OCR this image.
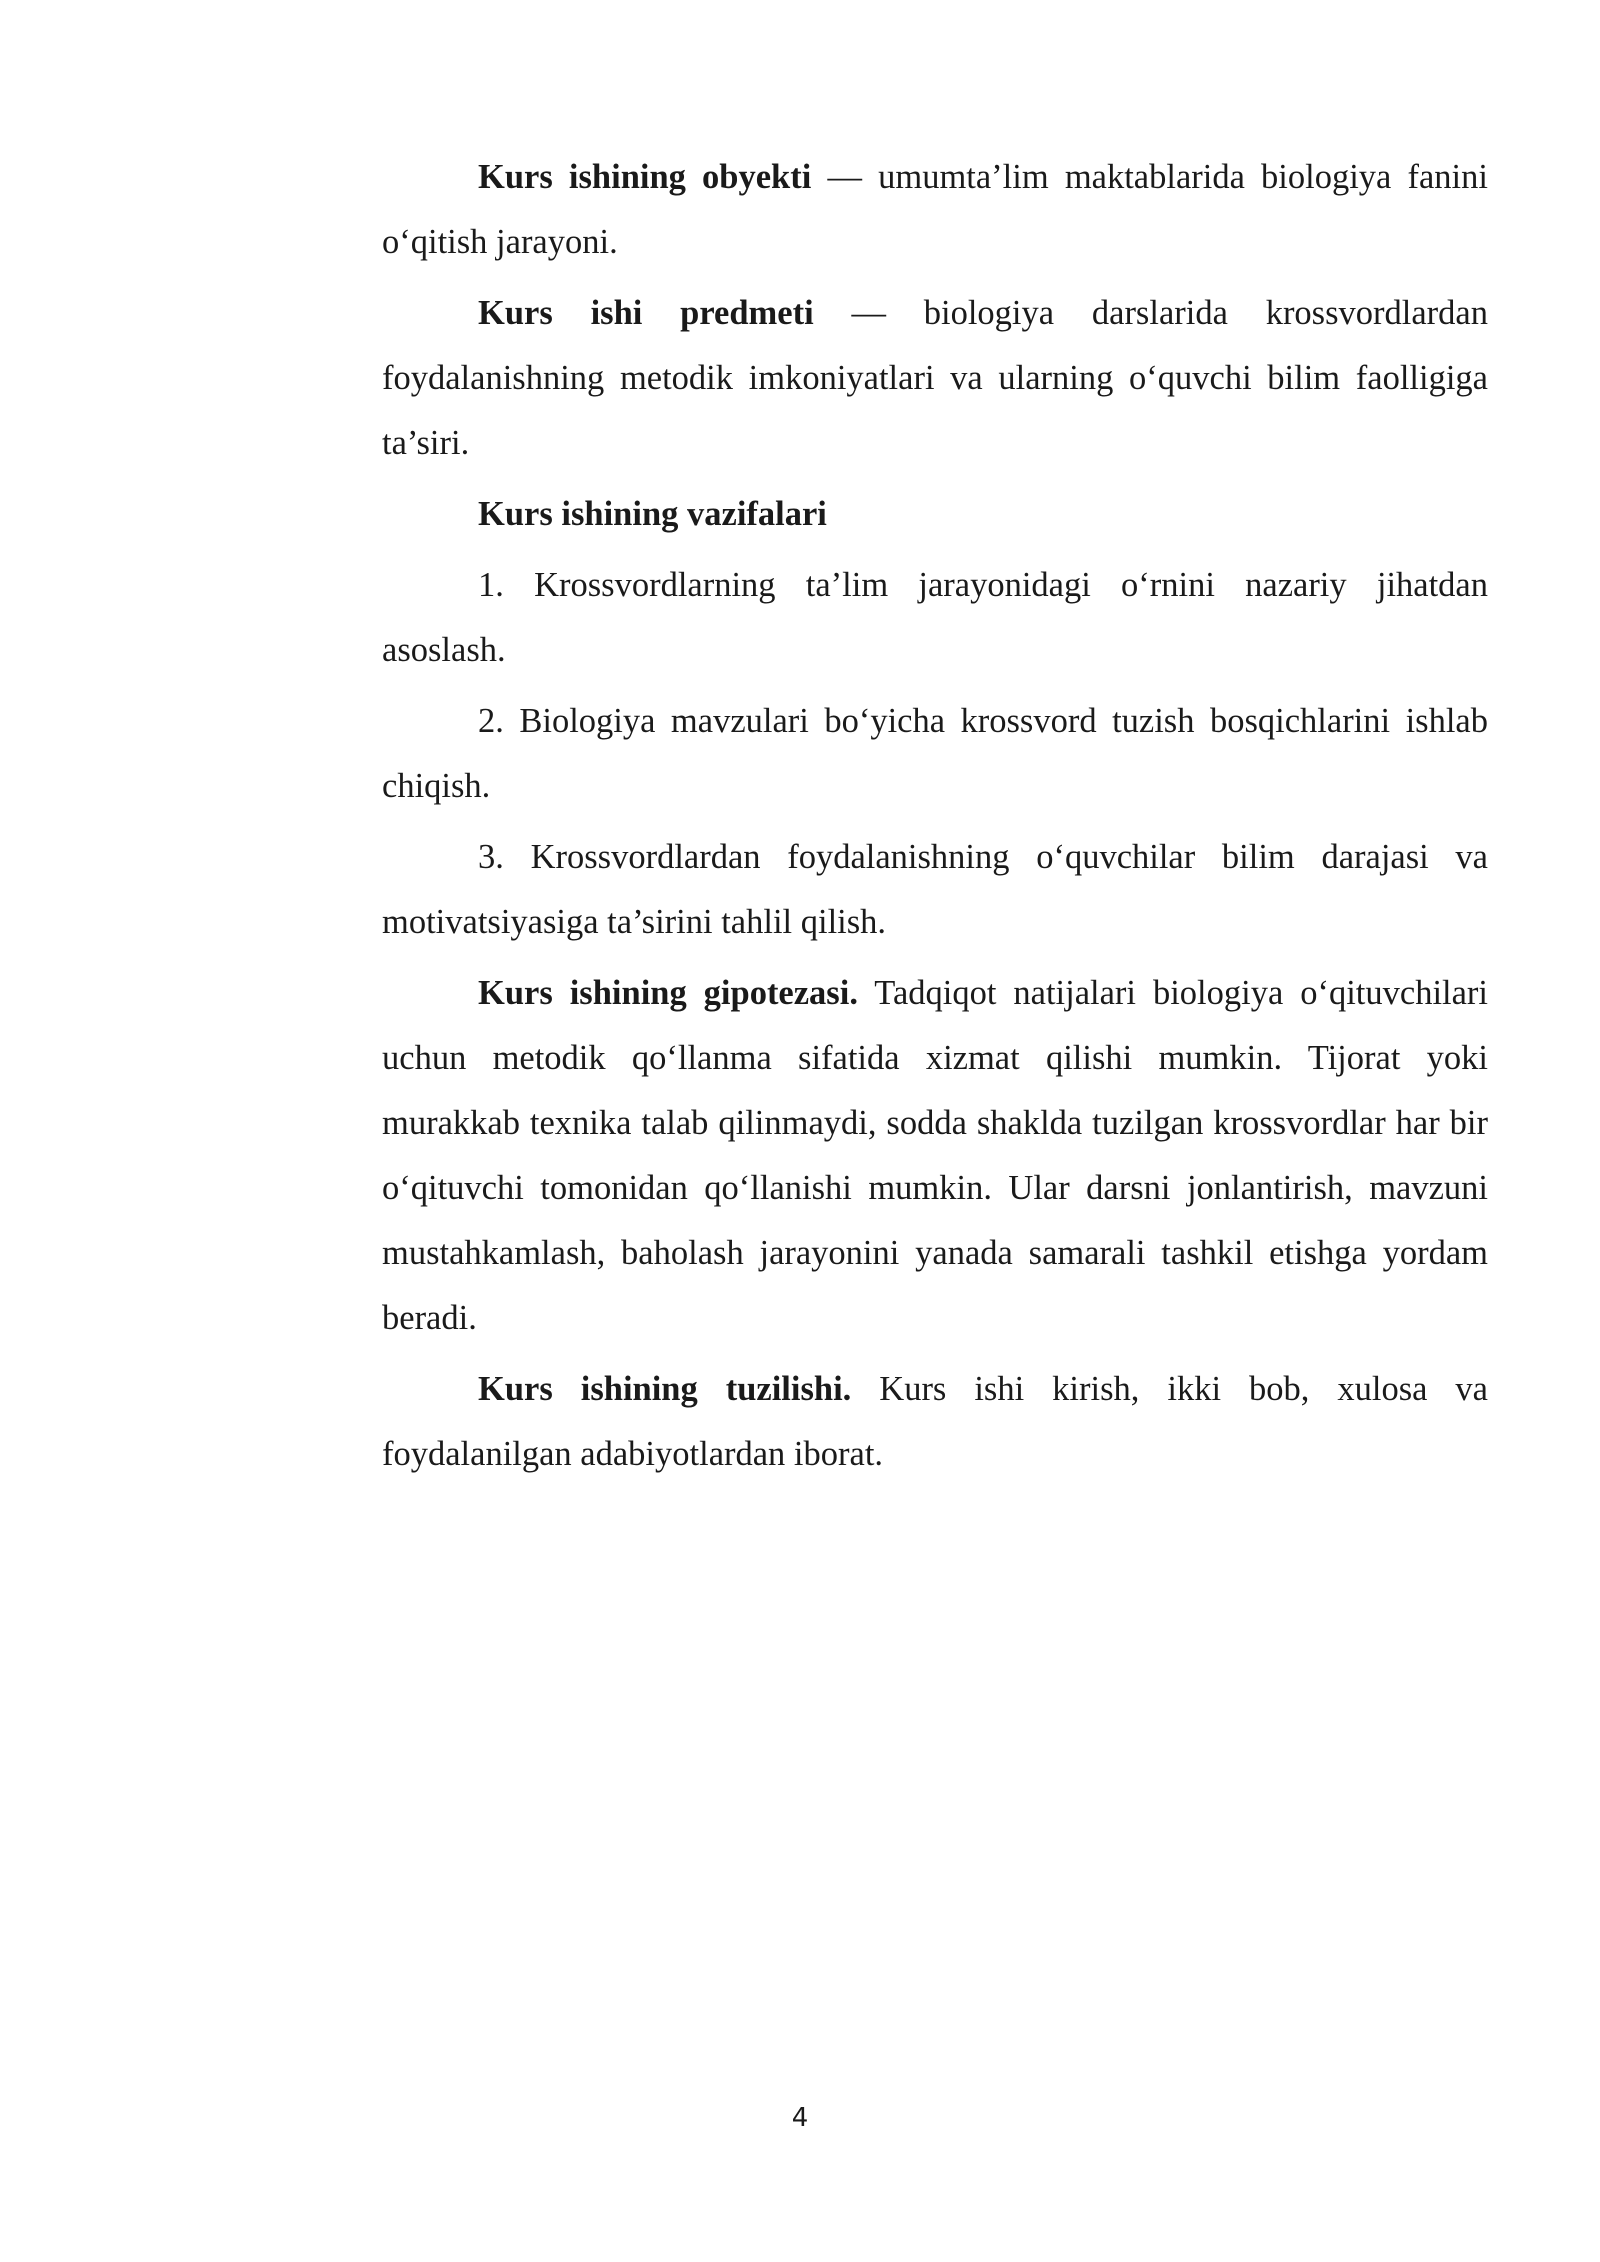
Kurs ishining obyekti — umumta’lim maktablarida biologiya fanini o‘qitish jarayoni.

Kurs ishi predmeti — biologiya darslarida krossvordlardan foydalanishning metodik imkoniyatlari va ularning o‘quvchi bilim faolligiga ta’siri.

Kurs ishining vazifalari

1. Krossvordlarning ta’lim jarayonidagi o‘rnini nazariy jihatdan asoslash.

2. Biologiya mavzulari bo‘yicha krossvord tuzish bosqichlarini ishlab chiqish.

3. Krossvordlardan foydalanishning o‘quvchilar bilim darajasi va motivatsiyasiga ta’sirini tahlil qilish.

Kurs ishining gipotezasi. Tadqiqot natijalari biologiya o‘qituvchilari uchun metodik qo‘llanma sifatida xizmat qilishi mumkin. Tijorat yoki murakkab texnika talab qilinmaydi, sodda shaklda tuzilgan krossvordlar har bir o‘qituvchi tomonidan qo‘llanishi mumkin. Ular darsni jonlantirish, mavzuni mustahkamlash, baholash jarayonini yanada samarali tashkil etishga yordam beradi.

Kurs ishining tuzilishi. Kurs ishi kirish, ikki bob, xulosa va foydalanilgan adabiyotlardan iborat.

4
